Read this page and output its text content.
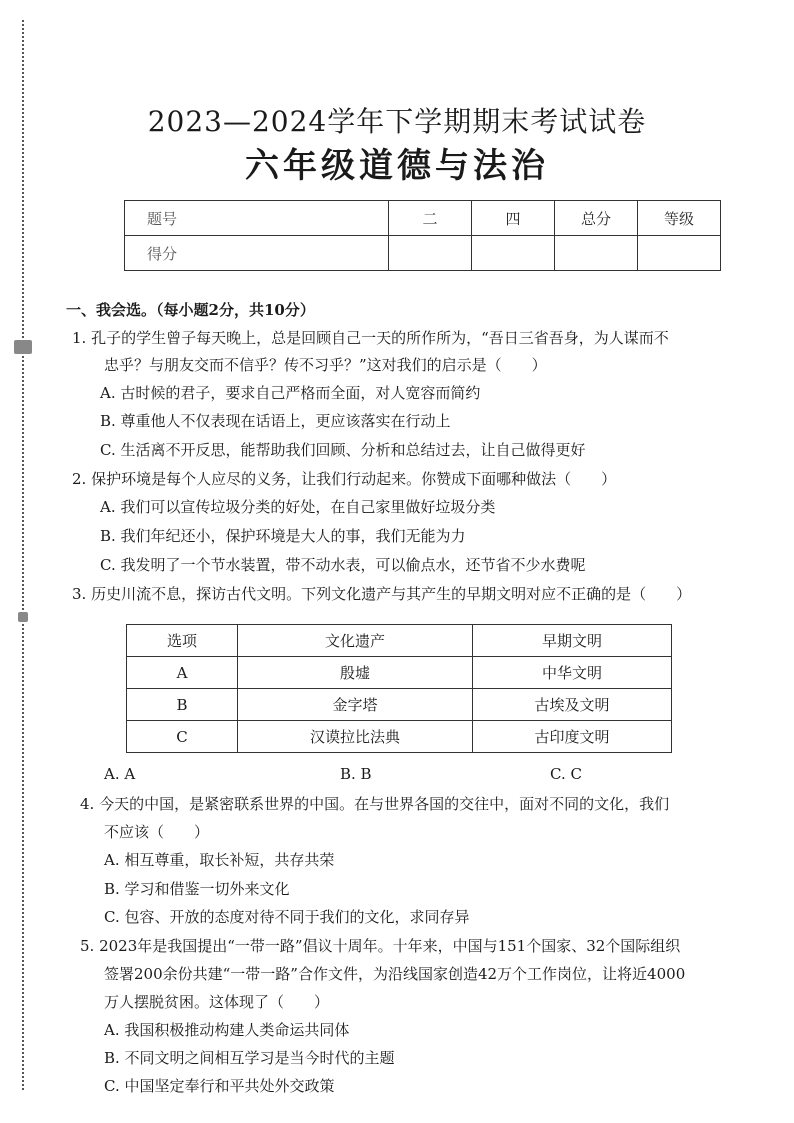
2023—2024学年下学期期末考试试卷
六年级道德与法治
题号	二	四	总分	等级
得分				
一、我会选。（每小题2分，共10分）
1. 孔子的学生曾子每天晚上，总是回顾自己一天的所作所为，“吾日三省吾身，为人谋而不
忠乎？与朋友交而不信乎？传不习乎？”这对我们的启示是（　　）
A. 古时候的君子，要求自己严格而全面，对人宽容而简约
B. 尊重他人不仅表现在话语上，更应该落实在行动上
C. 生活离不开反思，能帮助我们回顾、分析和总结过去，让自己做得更好
2. 保护环境是每个人应尽的义务，让我们行动起来。你赞成下面哪种做法（　　）
A. 我们可以宣传垃圾分类的好处，在自己家里做好垃圾分类
B. 我们年纪还小，保护环境是大人的事，我们无能为力
C. 我发明了一个节水装置，带不动水表，可以偷点水，还节省不少水费呢
3. 历史川流不息，探访古代文明。下列文化遗产与其产生的早期文明对应不正确的是（　　）
选项	文化遗产	早期文明
A	殷墟	中华文明
B	金字塔	古埃及文明
C	汉谟拉比法典	古印度文明
A. A	B. B	C. C
4. 今天的中国，是紧密联系世界的中国。在与世界各国的交往中，面对不同的文化，我们
不应该（　　）
A. 相互尊重，取长补短，共存共荣
B. 学习和借鉴一切外来文化
C. 包容、开放的态度对待不同于我们的文化，求同存异
5. 2023年是我国提出“一带一路”倡议十周年。十年来，中国与151个国家、32个国际组织
签署200余份共建“一带一路”合作文件，为沿线国家创造42万个工作岗位，让将近4000
万人摆脱贫困。这体现了（　　）
A. 我国积极推动构建人类命运共同体
B. 不同文明之间相互学习是当今时代的主题
C. 中国坚定奉行和平共处外交政策
